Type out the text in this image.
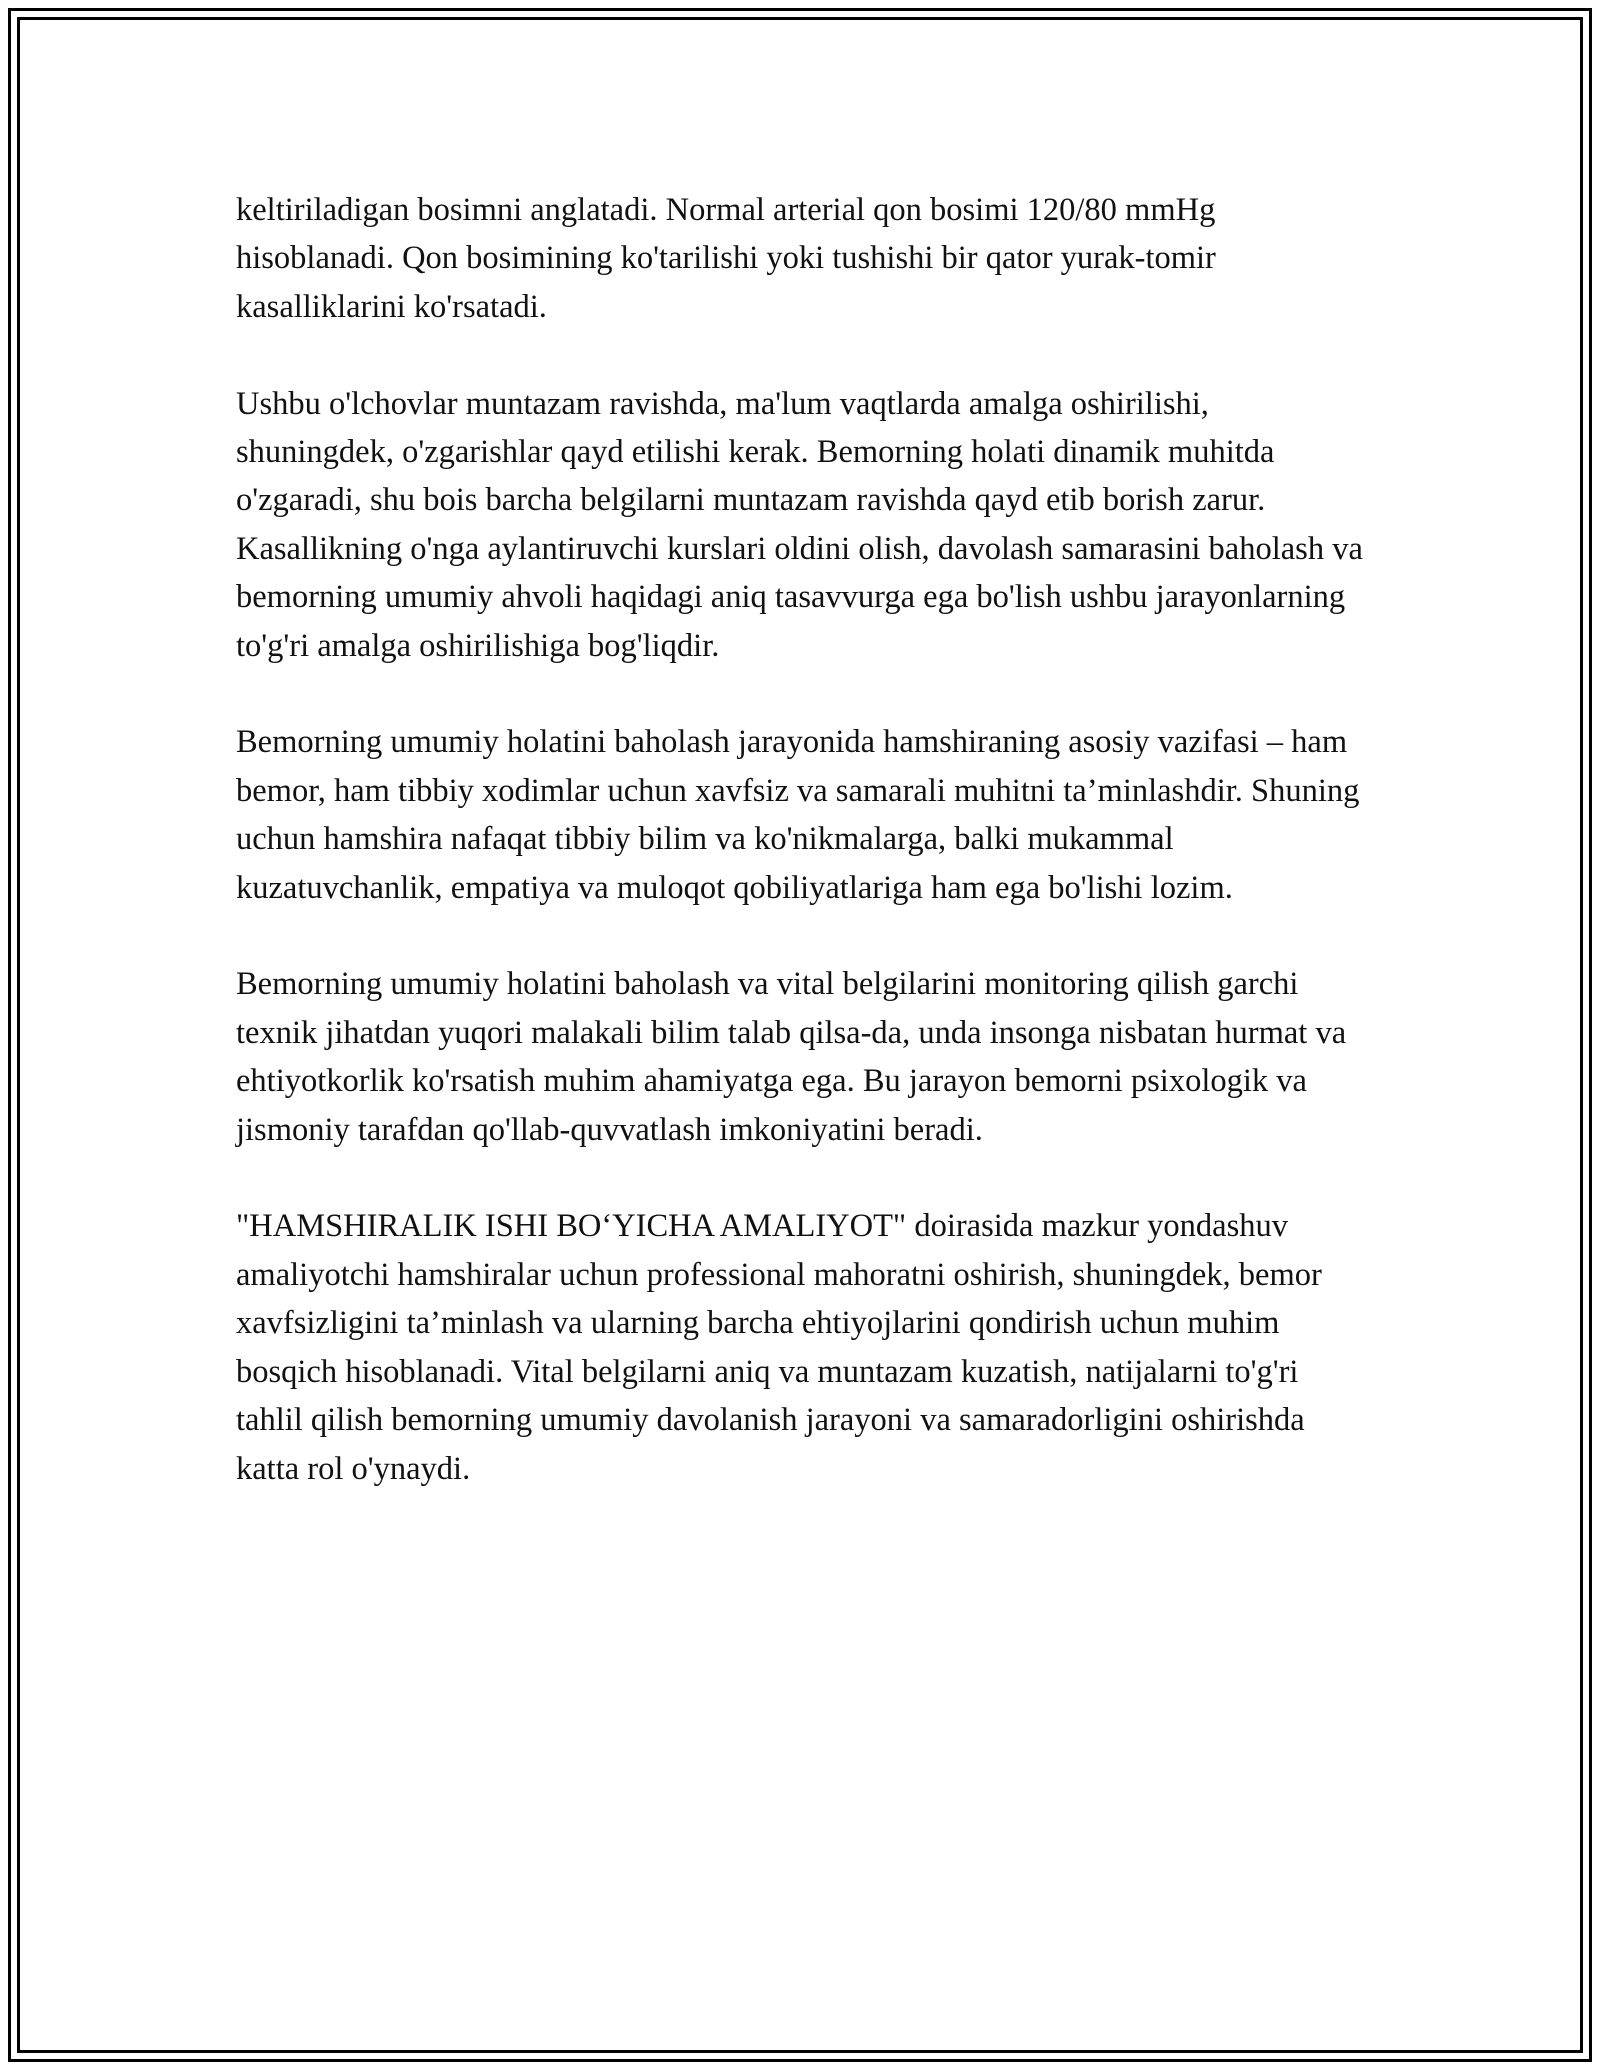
keltiriladigan bosimni anglatadi. Normal arterial qon bosimi 120/80 mmHg hisoblanadi. Qon bosimining ko'tarilishi yoki tushishi bir qator yurak-tomir kasalliklarini ko'rsatadi.

Ushbu o'lchovlar muntazam ravishda, ma'lum vaqtlarda amalga oshirilishi, shuningdek, o'zgarishlar qayd etilishi kerak. Bemorning holati dinamik muhitda o'zgaradi, shu bois barcha belgilarni muntazam ravishda qayd etib borish zarur. Kasallikning o'nga aylantiruvchi kurslari oldini olish, davolash samarasini baholash va bemorning umumiy ahvoli haqidagi aniq tasavvurga ega bo'lish ushbu jarayonlarning to'g'ri amalga oshirilishiga bog'liqdir.

Bemorning umumiy holatini baholash jarayonida hamshiraning asosiy vazifasi – ham bemor, ham tibbiy xodimlar uchun xavfsiz va samarali muhitni ta’minlashdir. Shuning uchun hamshira nafaqat tibbiy bilim va ko'nikmalarga, balki mukammal kuzatuvchanlik, empatiya va muloqot qobiliyatlariga ham ega bo'lishi lozim.

Bemorning umumiy holatini baholash va vital belgilarini monitoring qilish garchi texnik jihatdan yuqori malakali bilim talab qilsa-da, unda insonga nisbatan hurmat va ehtiyotkorlik ko'rsatish muhim ahamiyatga ega. Bu jarayon bemorni psixologik va jismoniy tarafdan qo'llab-quvvatlash imkoniyatini beradi.

"HAMSHIRALIK ISHI BO‘YICHA AMALIYOT" doirasida mazkur yondashuv amaliyotchi hamshiralar uchun professional mahoratni oshirish, shuningdek, bemor xavfsizligini ta’minlash va ularning barcha ehtiyojlarini qondirish uchun muhim bosqich hisoblanadi. Vital belgilarni aniq va muntazam kuzatish, natijalarni to'g'ri tahlil qilish bemorning umumiy davolanish jarayoni va samaradorligini oshirishda katta rol o'ynaydi.
